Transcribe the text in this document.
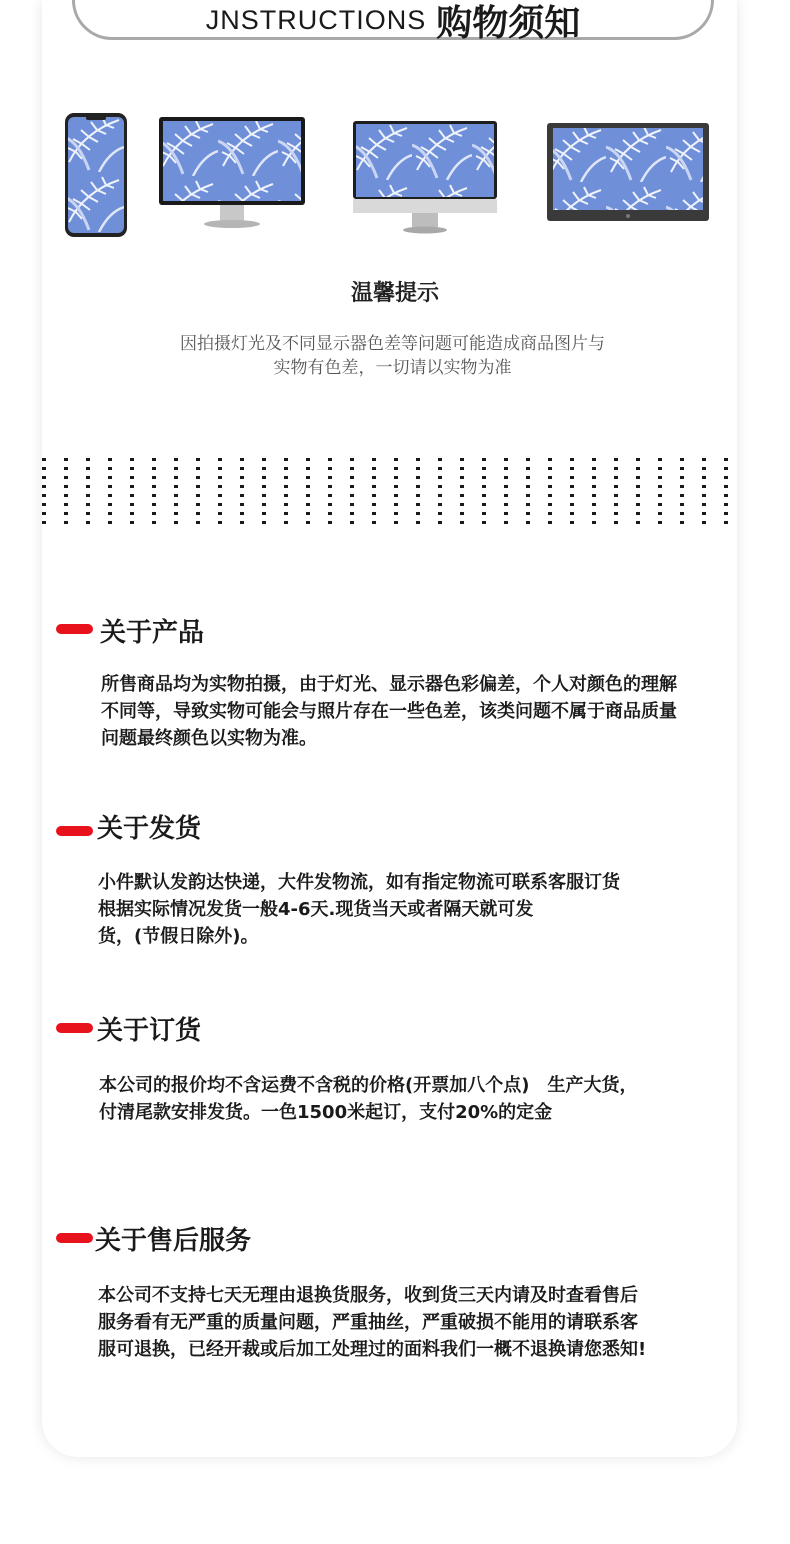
JNSTRUCTIONS 购物须知
温馨提示
因拍摄灯光及不同显示器色差等问题可能造成商品图片与
实物有色差，一切请以实物为准
关于产品
所售商品均为实物拍摄，由于灯光、显示器色彩偏差，个人对颜色的理解
不同等，导致实物可能会与照片存在一些色差，该类问题不属于商品质量
问题最终颜色以实物为准。
关于发货
小件默认发韵达快递，大件发物流，如有指定物流可联系客服订货
根据实际情况发货一般4-6天.现货当天或者隔天就可发
货，(节假日除外)。
关于订货
本公司的报价均不含运费不含税的价格(开票加八个点)　生产大货，
付清尾款安排发货。一色1500米起订，支付20%的定金
关于售后服务
本公司不支持七天无理由退换货服务，收到货三天内请及时查看售后
服务看有无严重的质量问题，严重抽丝，严重破损不能用的请联系客
服可退换，已经开裁或后加工处理过的面料我们一概不退换请您悉知!
